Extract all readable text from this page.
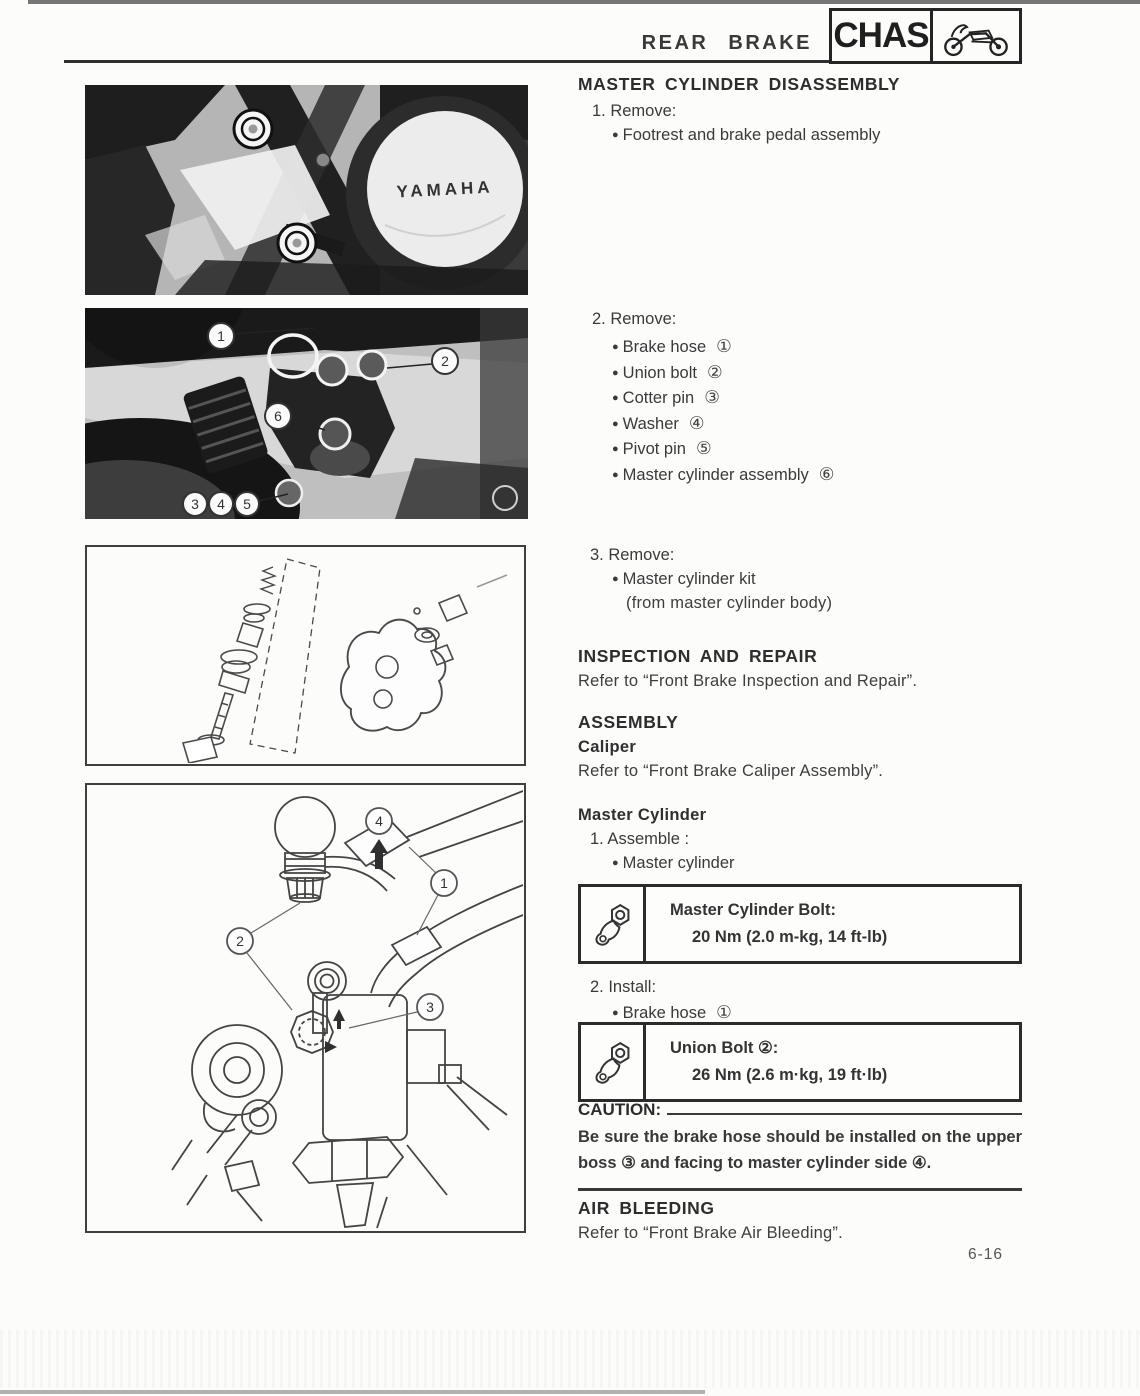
REAR BRAKE CHAS
YAMAHA
1
2
6
3 4 5
4
1
2
3
MASTER CYLINDER DISASSEMBLY
1. Remove:
● Footrest and brake pedal assembly
2. Remove:
● Brake hose ①
● Union bolt ②
● Cotter pin ③
● Washer ④
● Pivot pin ⑤
● Master cylinder assembly ⑥
3. Remove:
● Master cylinder kit
(from master cylinder body)
INSPECTION AND REPAIR
Refer to “Front Brake Inspection and Repair”.
ASSEMBLY
Caliper
Refer to “Front Brake Caliper Assembly”.
Master Cylinder
1. Assemble :
● Master cylinder
Master Cylinder Bolt:
20 Nm (2.0 m-kg, 14 ft-lb)
2. Install:
● Brake hose ①
Union Bolt ②:
26 Nm (2.6 m·kg, 19 ft·lb)
CAUTION:
Be sure the brake hose should be installed on the upper boss ③ and facing to master cylinder side ④.
AIR BLEEDING
Refer to “Front Brake Air Bleeding”.
6-16
